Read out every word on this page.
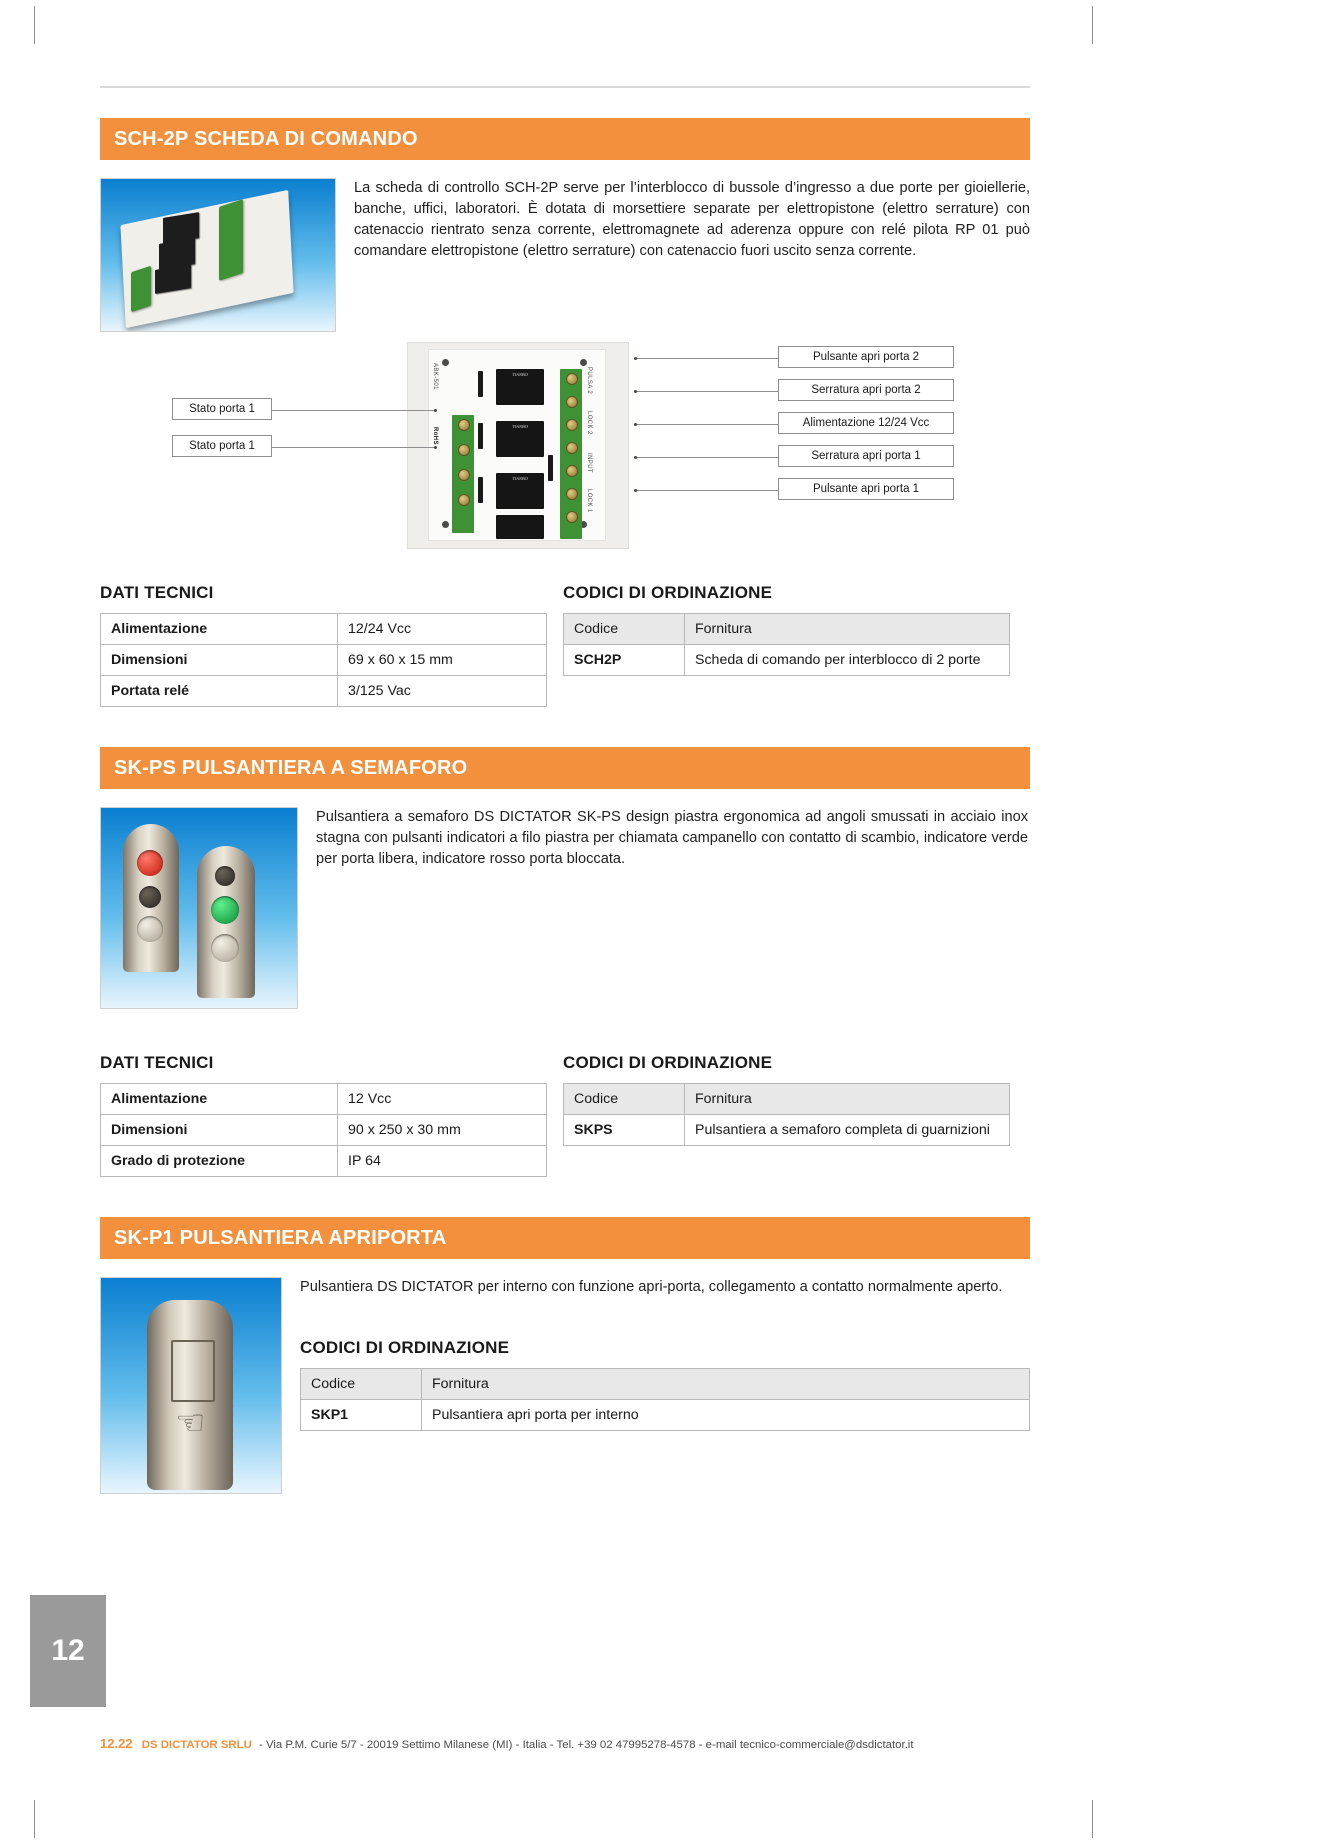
SCH-2P SCHEDA DI COMANDO

La scheda di controllo SCH-2P serve per l’interblocco di bussole d’ingresso a due porte per gioiellerie, banche, uffici, laboratori. È dotata di morsettiere separate per elettropistone (elettro serrature) con catenaccio rientrato senza corrente, elettromagnete ad aderenza oppure con relé pilota RP 01 può comandare elettropistone (elettro serrature) con catenaccio fuori uscito senza corrente.

ABK-501
RoHS
TIANBO
TIANBO
TIANBO
PULSA 2
LOCK 2
INPUT
LOCK 1
Stato porta 1
Stato porta 1
Pulsante apri porta 2
Serratura apri porta 2
Alimentazione 12/24 Vcc
Serratura apri porta 1
Pulsante apri porta 1
DATI TECNICI
Alimentazione	12/24 Vcc
Dimensioni	69 x 60 x 15 mm
Portata relé	3/125 Vac
CODICI DI ORDINAZIONE
Codice	Fornitura
SCH2P	Scheda di comando per interblocco di 2 porte
SK-PS PULSANTIERA A SEMAFORO

Pulsantiera a semaforo DS DICTATOR SK-PS design piastra ergonomica ad angoli smussati in acciaio inox stagna con pulsanti indicatori a filo piastra per chiamata campanello con contatto di scambio, indicatore verde per porta libera, indicatore rosso porta bloccata.

DATI TECNICI
Alimentazione	12 Vcc
Dimensioni	90 x 250 x 30 mm
Grado di protezione	IP 64
CODICI DI ORDINAZIONE
Codice	Fornitura
SKPS	Pulsantiera a semaforo completa di guarnizioni
SK-P1 PULSANTIERA APRIPORTA
☜

Pulsantiera DS DICTATOR per interno con funzione apri-porta, collegamento a contatto normalmente aperto.

CODICI DI ORDINAZIONE
Codice	Fornitura
SKP1	Pulsantiera apri porta per interno
12
12.22 DS DICTATOR SRLU - Via P.M. Curie 5/7 - 20019 Settimo Milanese (MI) - Italia - Tel. +39 02 47995278-4578 - e-mail tecnico-commerciale@dsdictator.it
